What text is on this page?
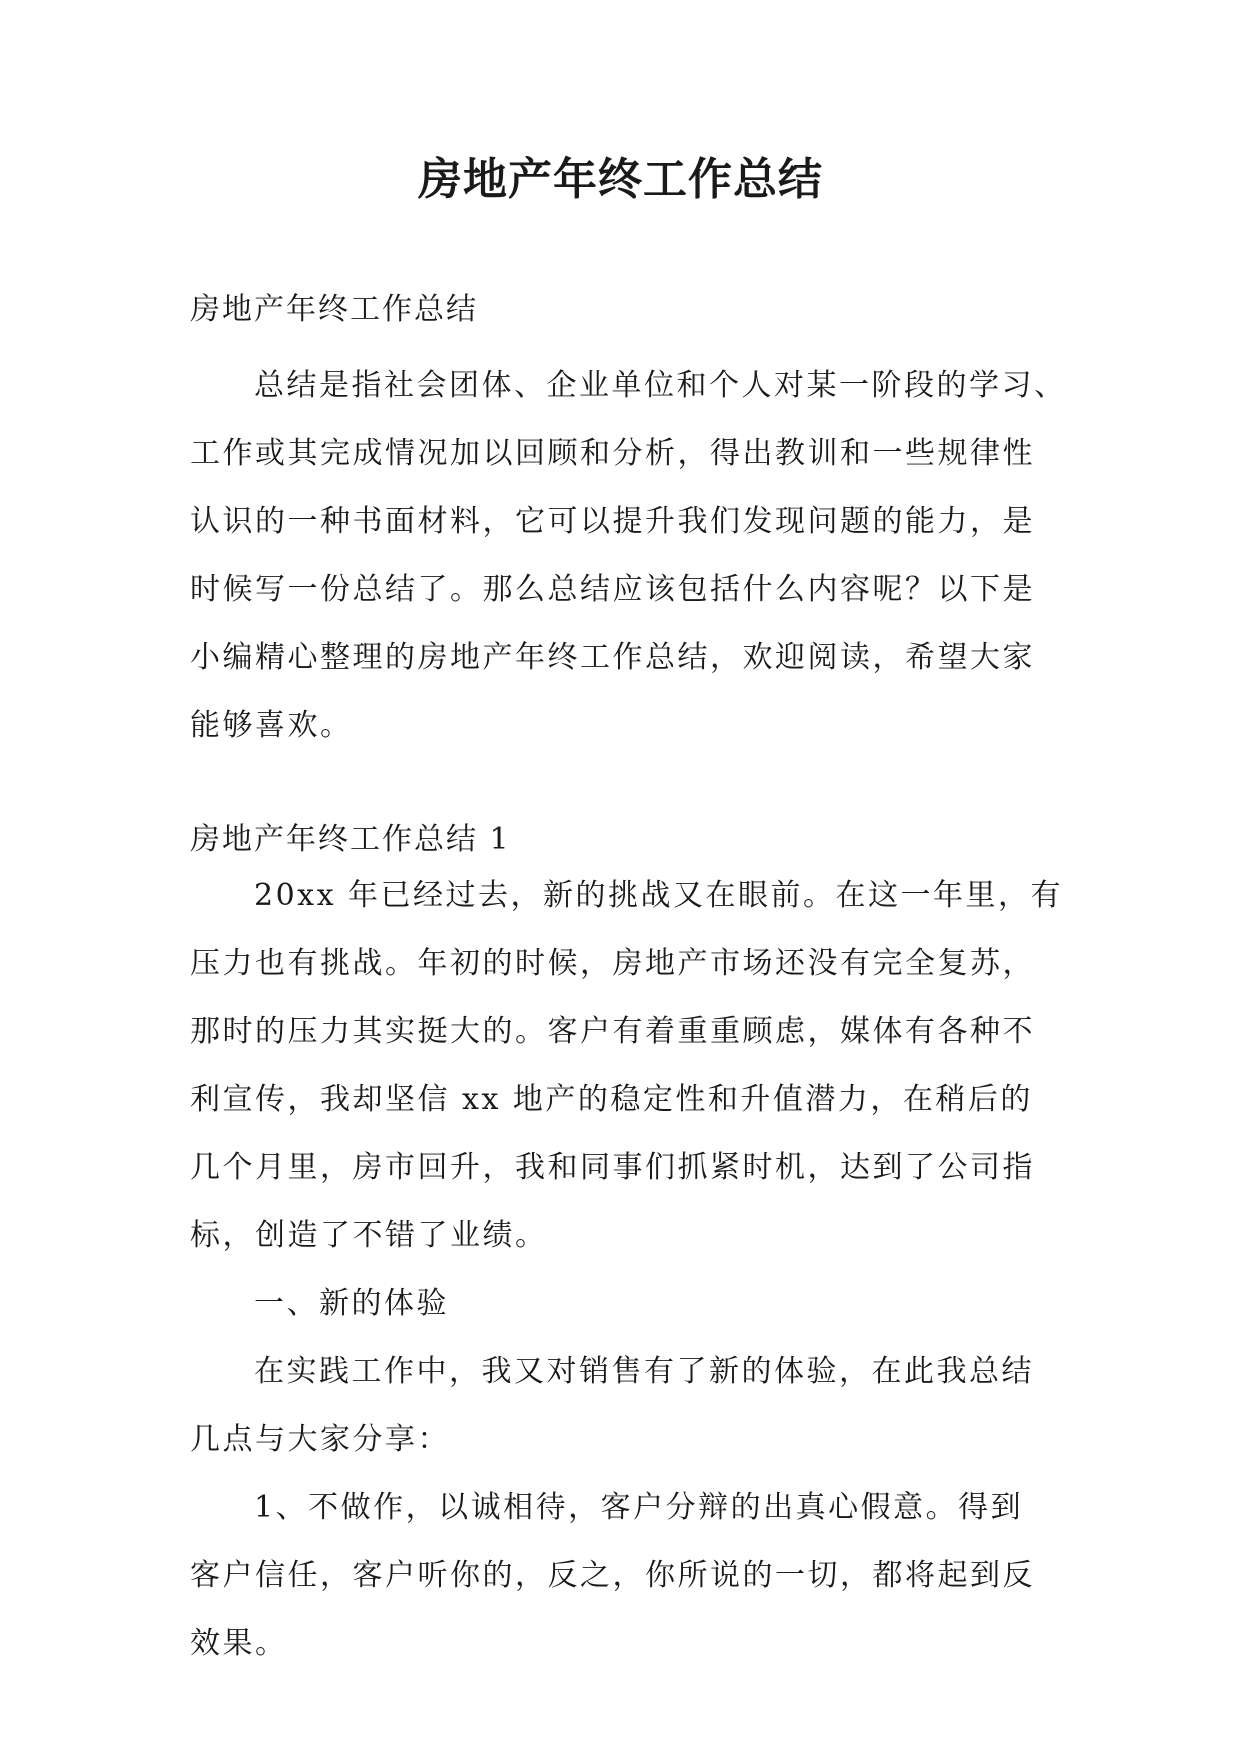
房地产年终工作总结

房地产年终工作总结

总结是指社会团体、企业单位和个人对某一阶段的学习、
工作或其完成情况加以回顾和分析，得出教训和一些规律性
认识的一种书面材料，它可以提升我们发现问题的能力，是
时候写一份总结了。那么总结应该包括什么内容呢？以下是
小编精心整理的房地产年终工作总结，欢迎阅读，希望大家
能够喜欢。

房地产年终工作总结 1

20xx 年已经过去，新的挑战又在眼前。在这一年里，有
压力也有挑战。年初的时候，房地产市场还没有完全复苏，
那时的压力其实挺大的。客户有着重重顾虑，媒体有各种不
利宣传，我却坚信 xx 地产的稳定性和升值潜力，在稍后的
几个月里，房市回升，我和同事们抓紧时机，达到了公司指
标，创造了不错了业绩。

一、新的体验

在实践工作中，我又对销售有了新的体验，在此我总结
几点与大家分享：

1、不做作，以诚相待，客户分辩的出真心假意。得到
客户信任，客户听你的，反之，你所说的一切，都将起到反
效果。
